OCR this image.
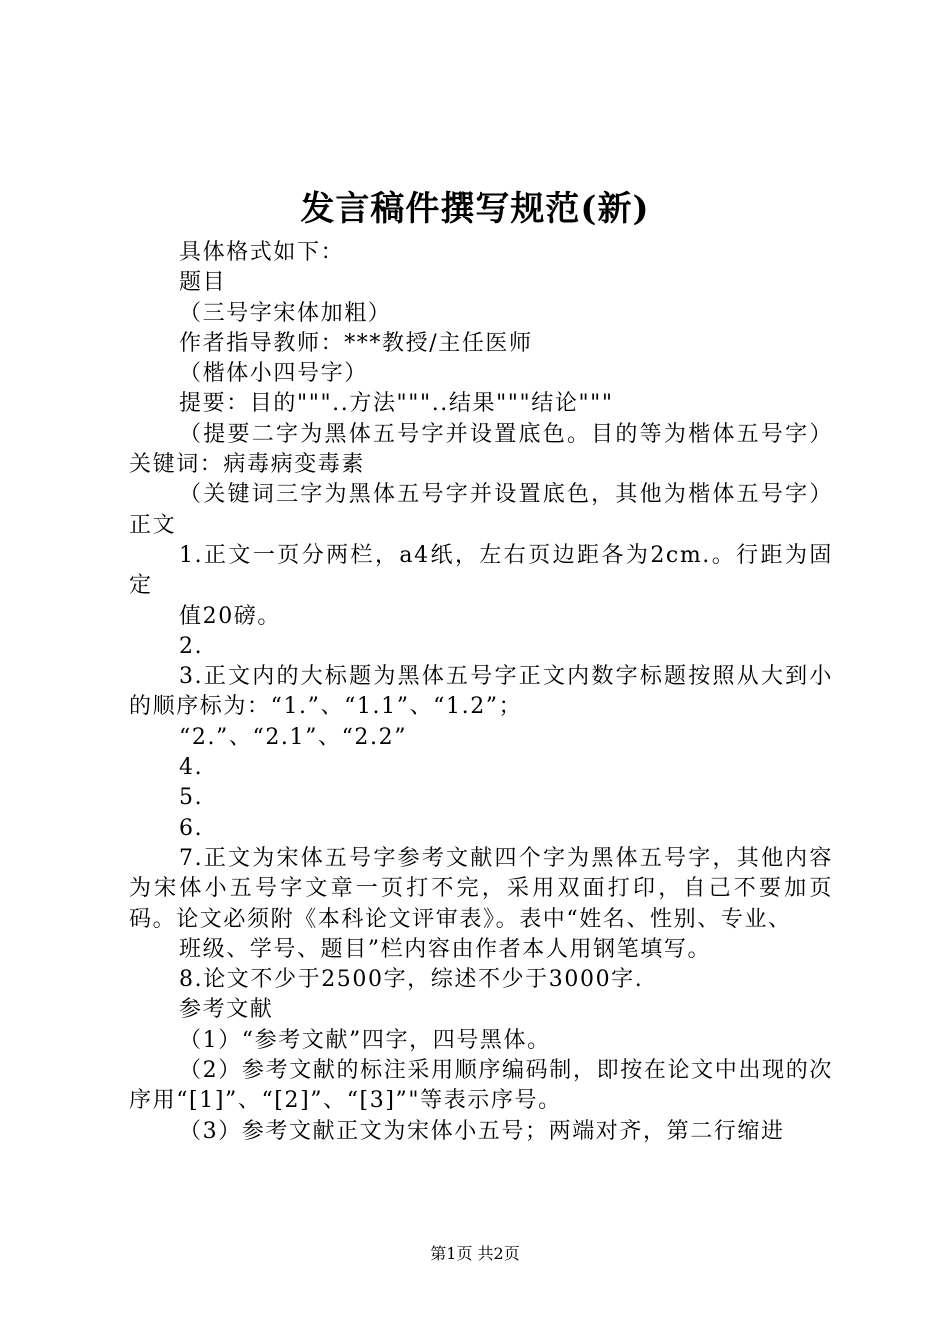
发言稿件撰写规范(新)

具体格式如下：

题目

（三号字宋体加粗）

作者指导教师：***教授/主任医师

（楷体小四号字）

提要：目的"""..方法"""..结果"""结论"""

（提要二字为黑体五号字并设置底色。目的等为楷体五号字）关键词：病毒病变毒素

（关键词三字为黑体五号字并设置底色，其他为楷体五号字）正文

1.正文一页分两栏，a4纸，左右页边距各为2cm.。行距为固定

值20磅。

2.

3.正文内的大标题为黑体五号字正文内数字标题按照从大到小的顺序标为：“1.”、“1.1”、“1.2”；

“2.”、“2.1”、“2.2”

4.

5.

6.

7.正文为宋体五号字参考文献四个字为黑体五号字，其他内容为宋体小五号字文章一页打不完，采用双面打印，自己不要加页码。论文必须附《本科论文评审表》。表中“姓名、性别、专业、

班级、学号、题目”栏内容由作者本人用钢笔填写。

8.论文不少于2500字，综述不少于3000字.

参考文献

（1）“参考文献”四字，四号黑体。

（2）参考文献的标注采用顺序编码制，即按在论文中出现的次序用“[1]”、“[2]”、“[3]”"等表示序号。

（3）参考文献正文为宋体小五号；两端对齐，第二行缩进

第1页 共2页
